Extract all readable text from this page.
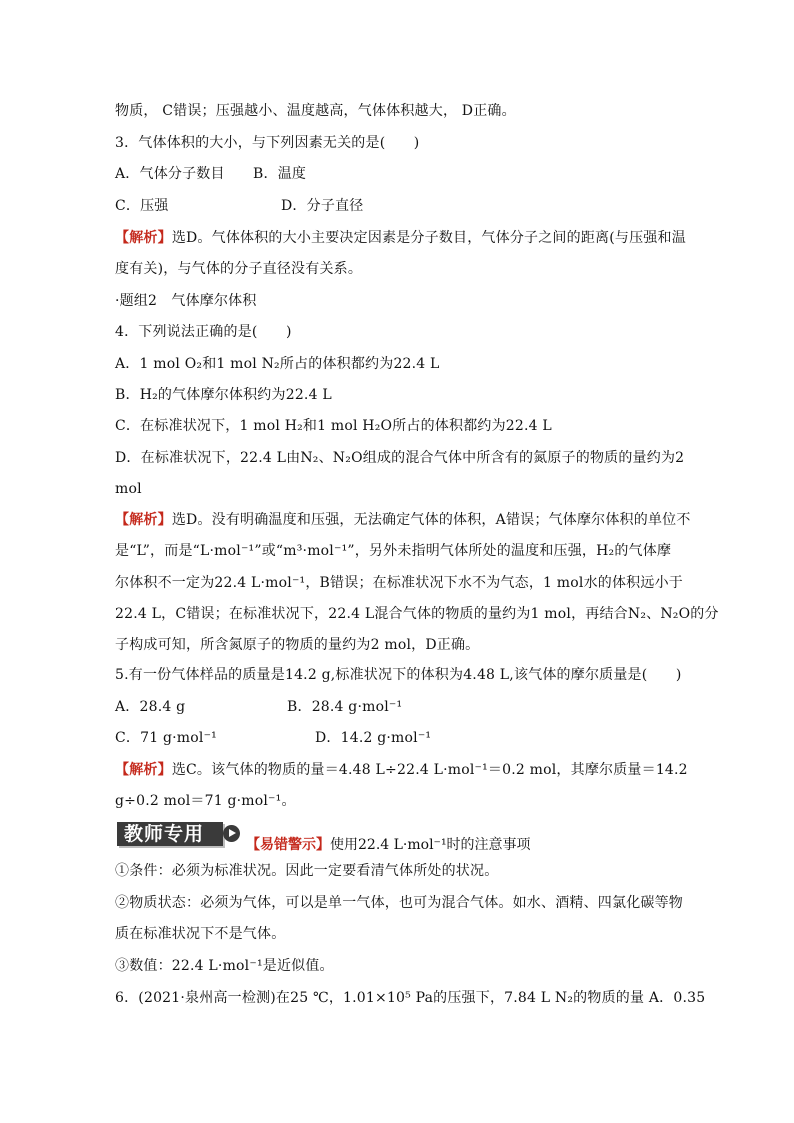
物质， C错误；压强越小、温度越高，气体体积越大， D正确。
3．气体体积的大小，与下列因素无关的是(　　)
A．气体分子数目 B．温度
C．压强	D．分子直径
【解析】选D。气体体积的大小主要决定因素是分子数目，气体分子之间的距离(与压强和温
度有关)，与气体的分子直径没有关系。
·题组2　气体摩尔体积
4．下列说法正确的是(　　)
A．1 mol O₂和1 mol N₂所占的体积都约为22.4 L
B．H₂的气体摩尔体积约为22.4 L
C．在标准状况下，1 mol H₂和1 mol H₂O所占的体积都约为22.4 L
D．在标准状况下，22.4 L由N₂、N₂O组成的混合气体中所含有的氮原子的物质的量约为2
mol
【解析】选D。没有明确温度和压强，无法确定气体的体积，A错误；气体摩尔体积的单位不
是“L”，而是“L·mol⁻¹”或“m³·mol⁻¹”，另外未指明气体所处的温度和压强，H₂的气体摩
尔体积不一定为22.4 L·mol⁻¹，B错误；在标准状况下水不为气态，1 mol水的体积远小于
22.4 L，C错误；在标准状况下，22.4 L混合气体的物质的量约为1 mol，再结合N₂、N₂O的分
子构成可知，所含氮原子的物质的量约为2 mol，D正确。
5.有一份气体样品的质量是14.2 g,标准状况下的体积为4.48 L,该气体的摩尔质量是(　　)
A．28.4 g	B．28.4 g·mol⁻¹
C．71 g·mol⁻¹	D．14.2 g·mol⁻¹
【解析】选C。该气体的物质的量＝4.48 L÷22.4 L·mol⁻¹＝0.2 mol，其摩尔质量＝14.2
g÷0.2 mol＝71 g·mol⁻¹。
教师专用	【易错警示】使用22.4 L·mol⁻¹时的注意事项
①条件：必须为标准状况。因此一定要看清气体所处的状况。
②物质状态：必须为气体，可以是单一气体，也可为混合气体。如水、酒精、四氯化碳等物
质在标准状况下不是气体。
③数值：22.4 L·mol⁻¹是近似值。
6．(2021·泉州高一检测)在25 ℃，1.01×10⁵ Pa的压强下，7.84 L N₂的物质的量 A．0.35
